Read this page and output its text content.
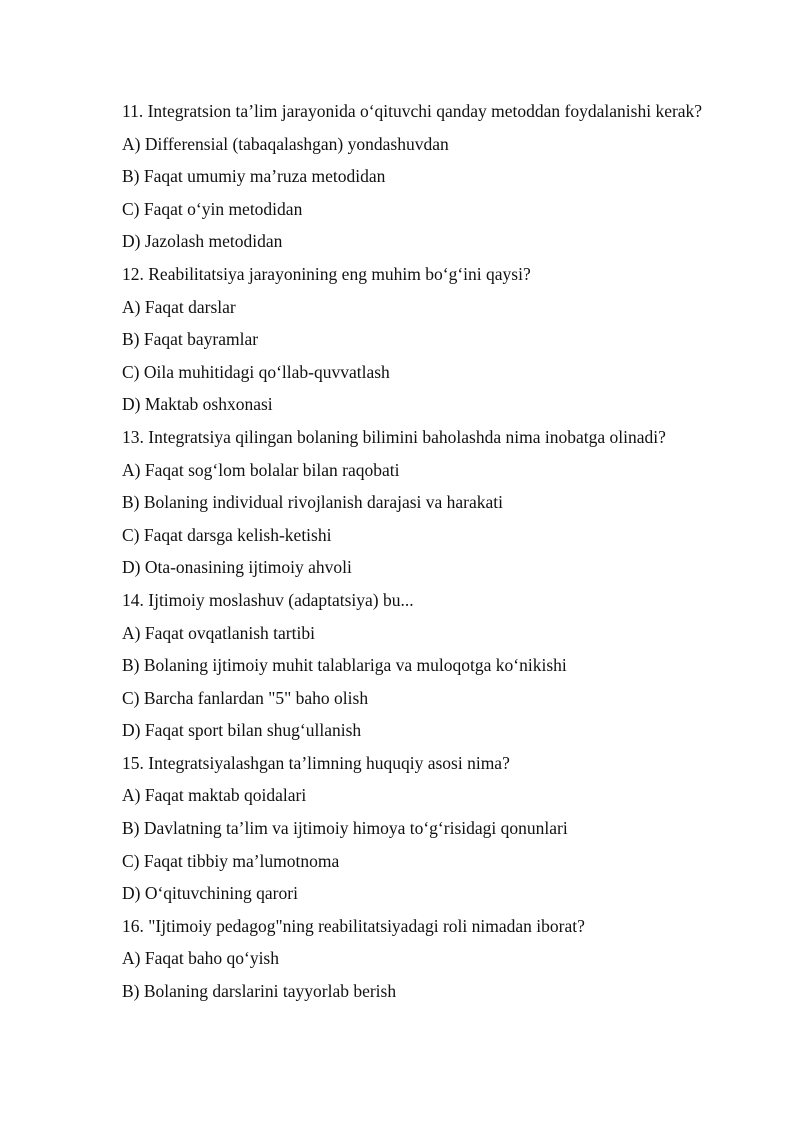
11. Integratsion ta’lim jarayonida o‘qituvchi qanday metoddan foydalanishi kerak?
A) Differensial (tabaqalashgan) yondashuvdan
B) Faqat umumiy ma’ruza metodidan
C) Faqat o‘yin metodidan
D) Jazolash metodidan
12. Reabilitatsiya jarayonining eng muhim bo‘g‘ini qaysi?
A) Faqat darslar
B) Faqat bayramlar
C) Oila muhitidagi qo‘llab-quvvatlash
D) Maktab oshxonasi
13. Integratsiya qilingan bolaning bilimini baholashda nima inobatga olinadi?
A) Faqat sog‘lom bolalar bilan raqobati
B) Bolaning individual rivojlanish darajasi va harakati
C) Faqat darsga kelish-ketishi
D) Ota-onasining ijtimoiy ahvoli
14. Ijtimoiy moslashuv (adaptatsiya) bu...
A) Faqat ovqatlanish tartibi
B) Bolaning ijtimoiy muhit talablariga va muloqotga ko‘nikishi
C) Barcha fanlardan "5" baho olish
D) Faqat sport bilan shug‘ullanish
15. Integratsiyalashgan ta’limning huquqiy asosi nima?
A) Faqat maktab qoidalari
B) Davlatning ta’lim va ijtimoiy himoya to‘g‘risidagi qonunlari
C) Faqat tibbiy ma’lumotnoma
D) O‘qituvchining qarori
16. "Ijtimoiy pedagog"ning reabilitatsiyadagi roli nimadan iborat?
A) Faqat baho qo‘yish
B) Bolaning darslarini tayyorlab berish
